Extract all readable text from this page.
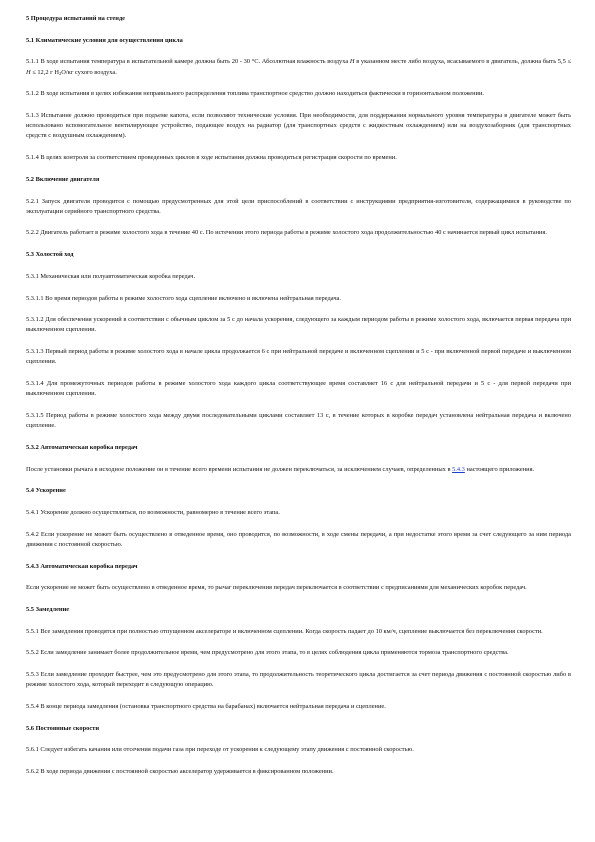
5 Процедура испытаний на стенде

5.1 Климатические условия для осуществления цикла

5.1.1 В ходе испытания температура в испытательной камере должна быть 20 - 30 °C. Абсолютная влажность воздуха H в указанном месте либо воздуха, всасываемого в двигатель, должна быть 5,5 ≤ H ≤ 12,2 г $H_2O/кг$ сухого воздуха.

5.1.2 В ходе испытания в целях избежания неправильного распределения топлива транспортное средство должно находиться фактически в горизонтальном положении.

5.1.3 Испытание должно проводиться при подъеме капота, если позволяют технические условия. При необходимости, для поддержания нормального уровня температуры в двигателе может быть использовано вспомогательное вентилирующее устройство, подающее воздух на радиатор (для транспортных средств с жидкостным охлаждением) или на воздухозаборник (для транспортных средств с воздушным охлаждением).

5.1.4 В целях контроля за соответствием проведенных циклов в ходе испытания должна проводиться регистрация скорости по времени.

5.2 Включение двигателя

5.2.1 Запуск двигателя проводится с помощью предусмотренных для этой цели приспособлений в соответствии с инструкциями предприятия-изготовителя, содержащимися в руководстве по эксплуатации серийного транспортного средства.

5.2.2 Двигатель работает в режиме холостого хода в течение 40 с. По истечении этого периода работы в режиме холостого хода продолжительностью 40 с начинается первый цикл испытания.

5.3 Холостой ход

5.3.1 Механическая или полуавтоматическая коробка передач.

5.3.1.1 Во время периодов работы в режиме холостого хода сцепление включено и включена нейтральная передача.

5.3.1.2 Для обеспечения ускорений в соответствии с обычным циклом за 5 с до начала ускорения, следующего за каждым периодом работы в режиме холостого хода, включается первая передача при выключенном сцеплении.

5.3.1.3 Первый период работы в режиме холостого хода в начале цикла продолжается 6 с при нейтральной передаче и включенном сцеплении и 5 с - при включенной первой передаче и выключенном сцеплении.

5.3.1.4 Для промежуточных периодов работы в режиме холостого хода каждого цикла соответствующее время составляет 16 с для нейтральной передачи и 5 с - для первой передачи при выключенном сцеплении.

5.3.1.5 Период работы в режиме холостого хода между двумя последовательными циклами составляет 13 с, в течение которых в коробке передач установлена нейтральная передача и включено сцепление.

5.3.2 Автоматическая коробка передач

После установки рычага в исходное положение он в течение всего времени испытания не должен переключаться, за исключением случаев, определенных в 5.4.3 настоящего приложения.

5.4 Ускорение

5.4.1 Ускорение должно осуществляться, по возможности, равномерно в течение всего этапа.

5.4.2 Если ускорение не может быть осуществлено в отведенное время, оно проводится, по возможности, в ходе смены передачи, а при недостатке этого время за счет следующего за ним периода движения с постоянной скоростью.

5.4.3 Автоматическая коробка передач

Если ускорение не может быть осуществлено в отведенное время, то рычаг переключения передач переключается в соответствии с предписаниями для механических коробок передач.

5.5 Замедление

5.5.1 Все замедления проводятся при полностью отпущенном акселераторе и включенном сцеплении. Когда скорость падает до 10 км/ч, сцепление выключается без переключения скорости.

5.5.2 Если замедление занимает более продолжительное время, чем предусмотрено для этого этапа, то в целях соблюдения цикла применяются тормоза транспортного средства.

5.5.3 Если замедление проходит быстрее, чем это предусмотрено для этого этапа, то продолжительность теоретического цикла достигается за счет периода движения с постоянной скоростью либо в режиме холостого хода, который переходит в следующую операцию.

5.5.4 В конце периода замедления (остановка транспортного средства на барабанах) включается нейтральная передача и сцепление.

5.6 Постоянные скорости

5.6.1 Следует избегать качания или отсечения подачи газа при переходе от ускорения к следующему этапу движения с постоянной скоростью.

5.6.2 В ходе периода движения с постоянной скоростью акселератор удерживается в фиксированном положении.
